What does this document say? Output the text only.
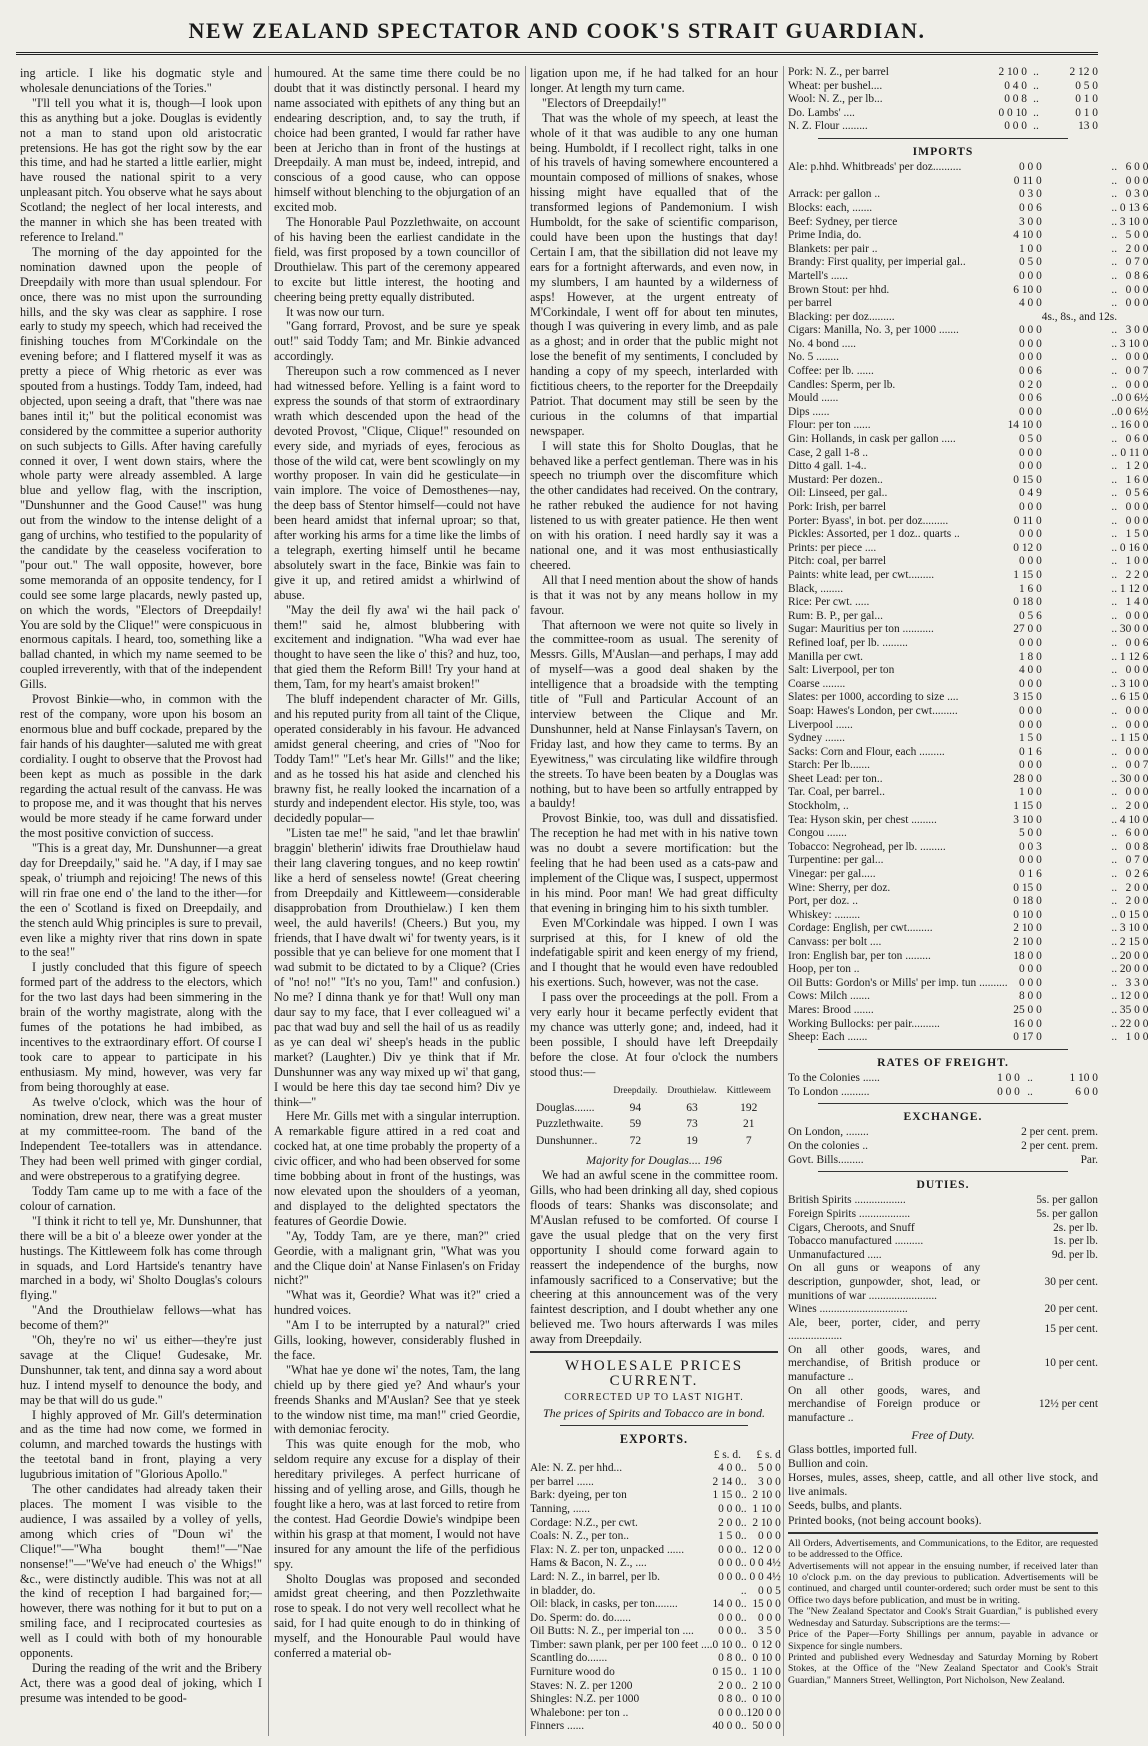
NEW ZEALAND SPECTATOR AND COOK'S STRAIT GUARDIAN.

ing article. I like his dogmatic style and wholesale denunciations of the Tories."

"I'll tell you what it is, though—I look upon this as anything but a joke. Douglas is evidently not a man to stand upon old aristocratic pretensions. He has got the right sow by the ear this time, and had he started a little earlier, might have roused the national spirit to a very unpleasant pitch. You observe what he says about Scotland; the neglect of her local interests, and the manner in which she has been treated with reference to Ireland."

The morning of the day appointed for the nomination dawned upon the people of Dreepdaily with more than usual splendour. For once, there was no mist upon the surrounding hills, and the sky was clear as sapphire. I rose early to study my speech, which had received the finishing touches from M'Corkindale on the evening before; and I flattered myself it was as pretty a piece of Whig rhetoric as ever was spouted from a hustings. Toddy Tam, indeed, had objected, upon seeing a draft, that "there was nae banes intil it;" but the political economist was considered by the committee a superior authority on such subjects to Gills. After having carefully conned it over, I went down stairs, where the whole party were already assembled. A large blue and yellow flag, with the inscription, "Dunshunner and the Good Cause!" was hung out from the window to the intense delight of a gang of urchins, who testified to the popularity of the candidate by the ceaseless vociferation to "pour out." The wall opposite, however, bore some memoranda of an opposite tendency, for I could see some large placards, newly pasted up, on which the words, "Electors of Dreepdaily! You are sold by the Clique!" were conspicuous in enormous capitals. I heard, too, something like a ballad chanted, in which my name seemed to be coupled irreverently, with that of the independent Gills.

Provost Binkie—who, in common with the rest of the company, wore upon his bosom an enormous blue and buff cockade, prepared by the fair hands of his daughter—saluted me with great cordiality. I ought to observe that the Provost had been kept as much as possible in the dark regarding the actual result of the canvass. He was to propose me, and it was thought that his nerves would be more steady if he came forward under the most positive conviction of success.

"This is a great day, Mr. Dunshunner—a great day for Dreepdaily," said he. "A day, if I may sae speak, o' triumph and rejoicing! The news of this will rin frae one end o' the land to the ither—for the een o' Scotland is fixed on Dreepdaily, and the stench auld Whig principles is sure to prevail, even like a mighty river that rins down in spate to the sea!"

I justly concluded that this figure of speech formed part of the address to the electors, which for the two last days had been simmering in the brain of the worthy magistrate, along with the fumes of the potations he had imbibed, as incentives to the extraordinary effort. Of course I took care to appear to participate in his enthusiasm. My mind, however, was very far from being thoroughly at ease.

As twelve o'clock, which was the hour of nomination, drew near, there was a great muster at my committee-room. The band of the Independent Tee-totallers was in attendance. They had been well primed with ginger cordial, and were obstreperous to a gratifying degree.

Toddy Tam came up to me with a face of the colour of carnation.

"I think it richt to tell ye, Mr. Dunshunner, that there will be a bit o' a bleeze ower yonder at the hustings. The Kittleweem folk has come through in squads, and Lord Hartside's tenantry have marched in a body, wi' Sholto Douglas's colours flying."

"And the Drouthielaw fellows—what has become of them?"

"Oh, they're no wi' us either—they're just savage at the Clique! Gudesake, Mr. Dunshunner, tak tent, and dinna say a word about huz. I intend myself to denounce the body, and may be that will do us gude."

I highly approved of Mr. Gill's determination and as the time had now come, we formed in column, and marched towards the hustings with the teetotal band in front, playing a very lugubrious imitation of "Glorious Apollo."

The other candidates had already taken their places. The moment I was visible to the audience, I was assailed by a volley of yells, among which cries of "Doun wi' the Clique!"—"Wha bought them!"—"Nae nonsense!"—"We've had eneuch o' the Whigs!" &c., were distinctly audible. This was not at all the kind of reception I had bargained for;—however, there was nothing for it but to put on a smiling face, and I reciprocated courtesies as well as I could with both of my honourable opponents.

During the reading of the writ and the Bribery Act, there was a good deal of joking, which I presume was intended to be good-

humoured. At the same time there could be no doubt that it was distinctly personal. I heard my name associated with epithets of any thing but an endearing description, and, to say the truth, if choice had been granted, I would far rather have been at Jericho than in front of the hustings at Dreepdaily. A man must be, indeed, intrepid, and conscious of a good cause, who can oppose himself without blenching to the objurgation of an excited mob.

The Honorable Paul Pozzlethwaite, on account of his having been the earliest candidate in the field, was first proposed by a town councillor of Drouthielaw. This part of the ceremony appeared to excite but little interest, the hooting and cheering being pretty equally distributed.

It was now our turn.

"Gang forrard, Provost, and be sure ye speak out!" said Toddy Tam; and Mr. Binkie advanced accordingly.

Thereupon such a row commenced as I never had witnessed before. Yelling is a faint word to express the sounds of that storm of extraordinary wrath which descended upon the head of the devoted Provost, "Clique, Clique!" resounded on every side, and myriads of eyes, ferocious as those of the wild cat, were bent scowlingly on my worthy proposer. In vain did he gesticulate—in vain implore. The voice of Demosthenes—nay, the deep bass of Stentor himself—could not have been heard amidst that infernal uproar; so that, after working his arms for a time like the limbs of a telegraph, exerting himself until he became absolutely swart in the face, Binkie was fain to give it up, and retired amidst a whirlwind of abuse.

"May the deil fly awa' wi the hail pack o' them!" said he, almost blubbering with excitement and indignation. "Wha wad ever hae thought to have seen the like o' this? and huz, too, that gied them the Reform Bill! Try your hand at them, Tam, for my heart's amaist broken!"

The bluff independent character of Mr. Gills, and his reputed purity from all taint of the Clique, operated considerably in his favour. He advanced amidst general cheering, and cries of "Noo for Toddy Tam!" "Let's hear Mr. Gills!" and the like; and as he tossed his hat aside and clenched his brawny fist, he really looked the incarnation of a sturdy and independent elector. His style, too, was decidedly popular—

"Listen tae me!" he said, "and let thae brawlin' braggin' bletherin' idiwits frae Drouthielaw haud their lang clavering tongues, and no keep rowtin' like a herd of senseless nowte! (Great cheering from Dreepdaily and Kittleweem—considerable disapprobation from Drouthielaw.) I ken them weel, the auld haverils! (Cheers.) But you, my friends, that I have dwalt wi' for twenty years, is it possible that ye can believe for one moment that I wad submit to be dictated to by a Clique? (Cries of "no! no!" "It's no you, Tam!" and confusion.) No me? I dinna thank ye for that! Wull ony man daur say to my face, that I ever colleagued wi' a pac that wad buy and sell the hail of us as readily as ye can deal wi' sheep's heads in the public market? (Laughter.) Div ye think that if Mr. Dunshunner was any way mixed up wi' that gang, I would be here this day tae second him? Div ye think—"

Here Mr. Gills met with a singular interruption. A remarkable figure attired in a red coat and cocked hat, at one time probably the property of a civic officer, and who had been observed for some time bobbing about in front of the hustings, was now elevated upon the shoulders of a yeoman, and displayed to the delighted spectators the features of Geordie Dowie.

"Ay, Toddy Tam, are ye there, man?" cried Geordie, with a malignant grin, "What was you and the Clique doin' at Nanse Finlasen's on Friday nicht?"

"What was it, Geordie? What was it?" cried a hundred voices.

"Am I to be interrupted by a natural?" cried Gills, looking, however, considerably flushed in the face.

"What hae ye done wi' the notes, Tam, the lang chield up by there gied ye? And whaur's your freends Shanks and M'Auslan? See that ye steek to the window nist time, ma man!" cried Geordie, with demoniac ferocity.

This was quite enough for the mob, who seldom require any excuse for a display of their hereditary privileges. A perfect hurricane of hissing and of yelling arose, and Gills, though he fought like a hero, was at last forced to retire from the contest. Had Geordie Dowie's windpipe been within his grasp at that moment, I would not have insured for any amount the life of the perfidious spy.

Sholto Douglas was proposed and seconded amidst great cheering, and then Pozzlethwaite rose to speak. I do not very well recollect what he said, for I had quite enough to do in thinking of myself, and the Honourable Paul would have conferred a material ob-

ligation upon me, if he had talked for an hour longer. At length my turn came.

"Electors of Dreepdaily!"

That was the whole of my speech, at least the whole of it that was audible to any one human being. Humboldt, if I recollect right, talks in one of his travels of having somewhere encountered a mountain composed of millions of snakes, whose hissing might have equalled that of the transformed legions of Pandemonium. I wish Humboldt, for the sake of scientific comparison, could have been upon the hustings that day! Certain I am, that the sibillation did not leave my ears for a fortnight afterwards, and even now, in my slumbers, I am haunted by a wilderness of asps! However, at the urgent entreaty of M'Corkindale, I went off for about ten minutes, though I was quivering in every limb, and as pale as a ghost; and in order that the public might not lose the benefit of my sentiments, I concluded by handing a copy of my speech, interlarded with fictitious cheers, to the reporter for the Dreepdaily Patriot. That document may still be seen by the curious in the columns of that impartial newspaper.

I will state this for Sholto Douglas, that he behaved like a perfect gentleman. There was in his speech no triumph over the discomfiture which the other candidates had received. On the contrary, he rather rebuked the audience for not having listened to us with greater patience. He then went on with his oration. I need hardly say it was a national one, and it was most enthusiastically cheered.

All that I need mention about the show of hands is that it was not by any means hollow in my favour.

That afternoon we were not quite so lively in the committee-room as usual. The serenity of Messrs. Gills, M'Auslan—and perhaps, I may add of myself—was a good deal shaken by the intelligence that a broadside with the tempting title of "Full and Particular Account of an interview between the Clique and Mr. Dunshunner, held at Nanse Finlaysan's Tavern, on Friday last, and how they came to terms. By an Eyewitness," was circulating like wildfire through the streets. To have been beaten by a Douglas was nothing, but to have been so artfully entrapped by a bauldy!

Provost Binkie, too, was dull and dissatisfied. The reception he had met with in his native town was no doubt a severe mortification: but the feeling that he had been used as a cats-paw and implement of the Clique was, I suspect, uppermost in his mind. Poor man! We had great difficulty that evening in bringing him to his sixth tumbler.

Even M'Corkindale was hipped. I own I was surprised at this, for I knew of old the indefatigable spirit and keen energy of my friend, and I thought that he would even have redoubled his exertions. Such, however, was not the case.

I pass over the proceedings at the poll. From a very early hour it became perfectly evident that my chance was utterly gone; and, indeed, had it been possible, I should have left Dreepdaily before the close. At four o'clock the numbers stood thus:—

	Dreepdaily.	Drouthielaw.	Kittleweem
Douglas.......	94	63	192
Puzzlethwaite.	59	73	21
Dunshunner..	72	19	7
Majority for Douglas.... 196

We had an awful scene in the committee room. Gills, who had been drinking all day, shed copious floods of tears: Shanks was disconsolate; and M'Auslan refused to be comforted. Of course I gave the usual pledge that on the very first opportunity I should come forward again to reassert the independence of the burghs, now infamously sacrificed to a Conservative; but the cheering at this announcement was of the very faintest description, and I doubt whether any one believed me. Two hours afterwards I was miles away from Dreepdaily.

WHOLESALE PRICES CURRENT.
CORRECTED UP TO LAST NIGHT.
The prices of Spirits and Tobacco are in bond.
EXPORTS.
	£ s. d.		£ s. d
Ale: N. Z. per hhd...	4 0 0	..	5 0 0
per barrel ......	2 14 0	..	3 0 0
Bark: dyeing, per ton	1 15 0	..	2 10 0
Tanning, ......	0 0 0	..	1 10 0
Cordage: N.Z., per cwt.	2 0 0	..	2 10 0
Coals: N. Z., per ton..	1 5 0	..	0 0 0
Flax: N. Z. per ton, unpacked ......	0 0 0	..	12 0 0
Hams & Bacon, N. Z., ....	0 0 0	..	0 0 4½
Lard: N. Z., in barrel, per lb.	0 0 0	..	0 0 4½
in bladder, do.		..	0 0 5
Oil: black, in casks, per ton........	14 0 0	..	15 0 0
Do. Sperm: do. do......	0 0 0	..	0 0 0
Oil Butts: N. Z., per imperial ton ....	0 0 0	..	3 5 0
Timber: sawn plank, per per 100 feet ....	0 10 0	..	0 12 0
Scantling do.......	0 8 0	..	0 10 0
Furniture wood do	0 15 0	..	1 10 0
Staves: N. Z. per 1200	2 0 0	..	2 10 0
Shingles: N.Z. per 1000	0 8 0	..	0 10 0
Whalebone: per ton ..	0 0 0	..	120 0 0
Finners ......	40 0 0	..	50 0 0
Pork: N. Z., per barrel	2 10 0	..	2 12 0
Wheat: per bushel....	0 4 0	..	0 5 0
Wool: N. Z., per lb...	0 0 8	..	0 1 0
Do. Lambs' ....	0 0 10	..	0 1 0
N. Z. Flour .........	0 0 0	..	13 0
IMPORTS
Ale: p.hhd. Whitbreads' per doz..........	0 0 0	..	6 0 0
	0 11 0	..	0 0 0
Arrack: per gallon ..	0 3 0	..	0 3 0
Blocks: each, .......	0 0 6	..	0 13 6
Beef: Sydney, per tierce	3 0 0	..	3 10 0
Prime India, do.	4 10 0	..	5 0 0
Blankets: per pair ..	1 0 0	..	2 0 0
Brandy: First quality, per imperial gal..	0 5 0	..	0 7 0
Martell's ......	0 0 0	..	0 8 6
Brown Stout: per hhd.	6 10 0	..	0 0 0
per barrel	4 0 0	..	0 0 0
Blacking: per doz.........		4s., 8s., and 12s.	
Cigars: Manilla, No. 3, per 1000 .......	0 0 0	..	3 0 0
No. 4 bond .....	0 0 0	..	3 10 0
No. 5 ........	0 0 0	..	0 0 0
Coffee: per lb. ......	0 0 6	..	0 0 7
Candles: Sperm, per lb.	0 2 0	..	0 0 0
Mould ......	0 0 6	..	0 0 6½
Dips ......	0 0 0	..	0 0 6½
Flour: per ton ......	14 10 0	..	16 0 0
Gin: Hollands, in cask per gallon .....	0 5 0	..	0 6 0
Case, 2 gall 1-8 ..	0 0 0	..	0 11 0
Ditto 4 gall. 1-4..	0 0 0	..	1 2 0
Mustard: Per dozen..	0 15 0	..	1 6 0
Oil: Linseed, per gal..	0 4 9	..	0 5 6
Pork: Irish, per barrel	0 0 0	..	0 0 0
Porter: Byass', in bot. per doz.........	0 11 0	..	0 0 0
Pickles: Assorted, per 1 doz.. quarts ..	0 0 0	..	1 5 0
Prints: per piece ....	0 12 0	..	0 16 0
Pitch: coal, per barrel	0 0 0	..	1 0 0
Paints: white lead, per cwt.........	1 15 0	..	2 2 0
Black, ........	1 6 0	..	1 12 0
Rice: Per cwt. .....	0 18 0	..	1 4 0
Rum: B. P., per gal...	0 5 6	..	0 0 0
Sugar: Mauritius per ton ...........	27 0 0	..	30 0 0
Refined loaf, per lb. .........	0 0 0	..	0 0 6
Manilla per cwt.	1 8 0	..	1 12 6
Salt: Liverpool, per ton	4 0 0	..	0 0 0
Coarse ........	0 0 0	..	3 10 0
Slates: per 1000, according to size ....	3 15 0	..	6 15 0
Soap: Hawes's London, per cwt.........	0 0 0	..	0 0 0
Liverpool ......	0 0 0	..	0 0 0
Sydney .......	1 5 0	..	1 15 0
Sacks: Corn and Flour, each .........	0 1 6	..	0 0 0
Starch: Per lb.......	0 0 0	..	0 0 7
Sheet Lead: per ton..	28 0 0	..	30 0 0
Tar. Coal, per barrel..	1 0 0	..	0 0 0
Stockholm, ..	1 15 0	..	2 0 0
Tea: Hyson skin, per chest .........	3 10 0	..	4 10 0
Congou .......	5 0 0	..	6 0 0
Tobacco: Negrohead, per lb. .........	0 0 3	..	0 0 8
Turpentine: per gal...	0 0 0	..	0 7 0
Vinegar: per gal.....	0 1 6	..	0 2 6
Wine: Sherry, per doz.	0 15 0	..	2 0 0
Port, per doz. ..	0 18 0	..	2 0 0
Whiskey: .........	0 10 0	..	0 15 0
Cordage: English, per cwt.........	2 10 0	..	3 10 0
Canvass: per bolt ....	2 10 0	..	2 15 0
Iron: English bar, per ton .........	18 0 0	..	20 0 0
Hoop, per ton ..	0 0 0	..	20 0 0
Oil Butts: Gordon's or Mills' per imp. tun ..........	0 0 0	..	3 3 0
Cows: Milch .......	8 0 0	..	12 0 0
Mares: Brood .......	25 0 0	..	35 0 0
Working Bullocks: per pair..........	16 0 0	..	22 0 0
Sheep: Each .......	0 17 0	..	1 0 0
RATES OF FREIGHT.
To the Colonies ......	1 0 0	..	1 10 0
To London ..........	0 0 0	..	6 0 0
EXCHANGE.
On London, ........	2 per cent. prem.
On the colonies ..	2 per cent. prem.
Govt. Bills.........	Par.
DUTIES.
British Spirits ..................	5s. per gallon
Foreign Spirits ..................	5s. per gallon
Cigars, Cheroots, and Snuff	2s. per lb.
Tobacco manufactured ..........	1s. per lb.
Unmanufactured .....	9d. per lb.
On all guns or weapons of any description, gunpowder, shot, lead, or munitions of war ........................	30 per cent.
Wines ...............................	20 per cent.
Ale, beer, porter, cider, and perry ...................	15 per cent.
On all other goods, wares, and merchandise, of British produce or manufacture ..	10 per cent.
On all other goods, wares, and merchandise of Foreign produce or manufacture ..	12½ per cent
Free of Duty.
Glass bottles, imported full.
Bullion and coin.
Horses, mules, asses, sheep, cattle, and all other live stock, and live animals.
Seeds, bulbs, and plants.
Printed books, (not being account books).

All Orders, Advertisements, and Communications, to the Editor, are requested to be addressed to the Office.

Advertisements will not appear in the ensuing number, if received later than 10 o'clock p.m. on the day previous to publication. Advertisements will be continued, and charged until counter-ordered; such order must be sent to this Office two days before publication, and must be in writing.

The "New Zealand Spectator and Cook's Strait Guardian," is published every Wednesday and Saturday. Subscriptions are the terms:—

Price of the Paper—Forty Shillings per annum, payable in advance or Sixpence for single numbers.

Printed and published every Wednesday and Saturday Morning by Robert Stokes, at the Office of the "New Zealand Spectator and Cook's Strait Guardian," Manners Street, Wellington, Port Nicholson, New Zealand.
